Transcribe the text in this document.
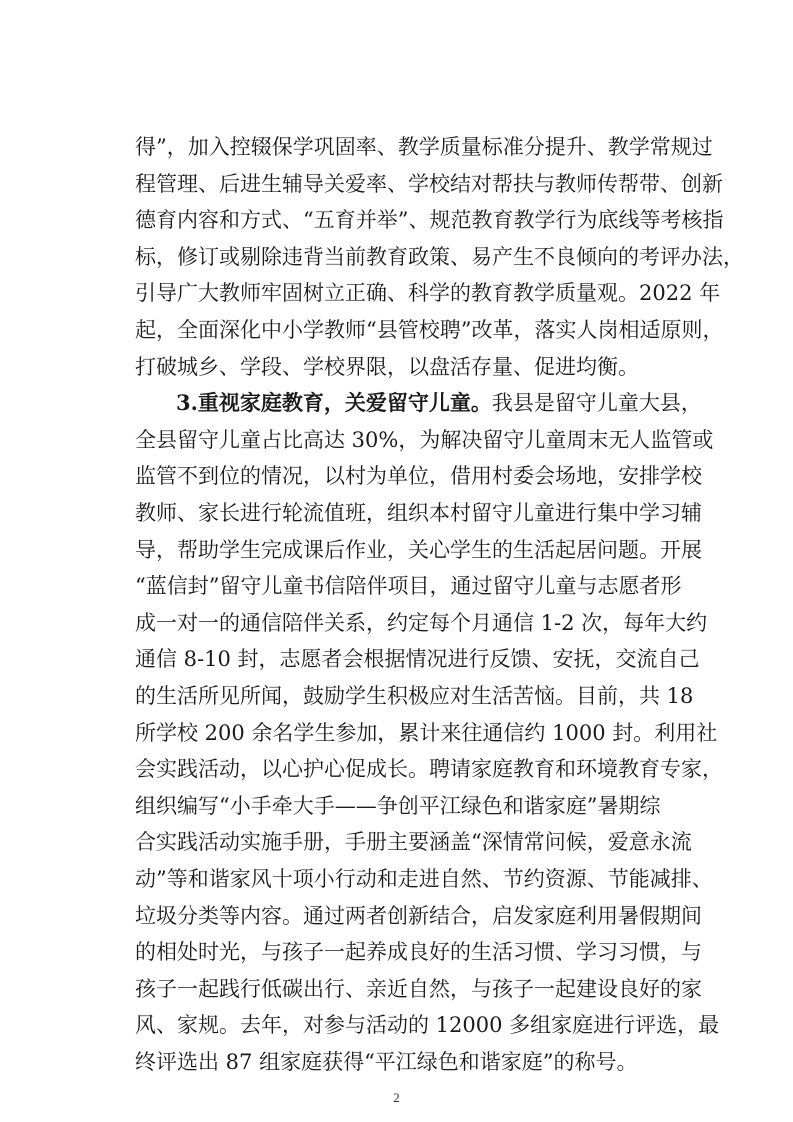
得”，加入控辍保学巩固率、教学质量标准分提升、教学常规过
程管理、后进生辅导关爱率、学校结对帮扶与教师传帮带、创新
德育内容和方式、“五育并举”、规范教育教学行为底线等考核指
标，修订或剔除违背当前教育政策、易产生不良倾向的考评办法，
引导广大教师牢固树立正确、科学的教育教学质量观。2022 年
起，全面深化中小学教师“县管校聘”改革，落实人岗相适原则，
打破城乡、学段、学校界限，以盘活存量、促进均衡。
3.重视家庭教育，关爱留守儿童。我县是留守儿童大县，
全县留守儿童占比高达 30%，为解决留守儿童周末无人监管或
监管不到位的情况，以村为单位，借用村委会场地，安排学校
教师、家长进行轮流值班，组织本村留守儿童进行集中学习辅
导，帮助学生完成课后作业，关心学生的生活起居问题。开展
“蓝信封”留守儿童书信陪伴项目，通过留守儿童与志愿者形
成一对一的通信陪伴关系，约定每个月通信 1-2 次，每年大约
通信 8-10 封，志愿者会根据情况进行反馈、安抚，交流自己
的生活所见所闻，鼓励学生积极应对生活苦恼。目前，共 18
所学校 200 余名学生参加，累计来往通信约 1000 封。利用社
会实践活动，以心护心促成长。聘请家庭教育和环境教育专家，
组织编写“小手牵大手——争创平江绿色和谐家庭”暑期综
合实践活动实施手册，手册主要涵盖“深情常问候，爱意永流
动”等和谐家风十项小行动和走进自然、节约资源、节能减排、
垃圾分类等内容。通过两者创新结合，启发家庭利用暑假期间
的相处时光，与孩子一起养成良好的生活习惯、学习习惯，与
孩子一起践行低碳出行、亲近自然，与孩子一起建设良好的家
风、家规。去年，对参与活动的 12000 多组家庭进行评选，最
终评选出 87 组家庭获得“平江绿色和谐家庭”的称号。
2
